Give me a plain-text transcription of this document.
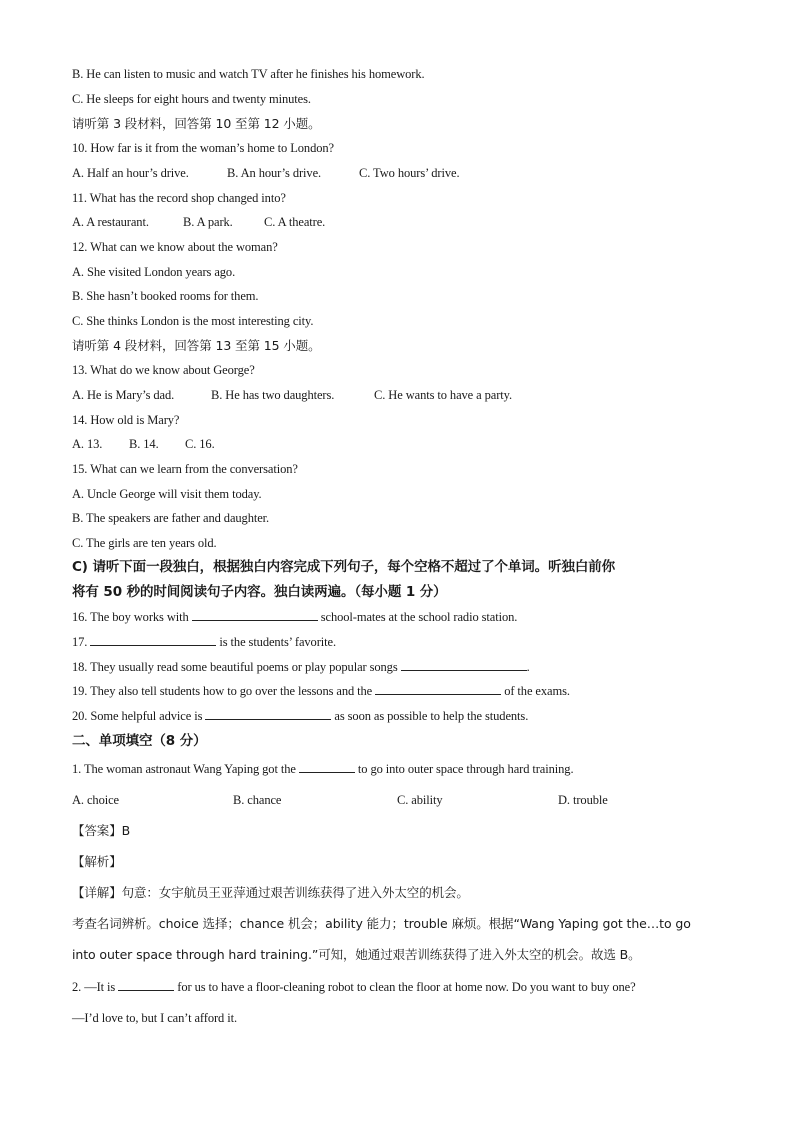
B. He can listen to music and watch TV after he finishes his homework.
C. He sleeps for eight hours and twenty minutes.
请听第 3 段材料，回答第 10 至第 12 小题。
10. How far is it from the woman’s home to London?
A. Half an hour’s drive.	B. An hour’s drive.	C. Two hours’ drive.
11. What has the record shop changed into?
A. A restaurant.	B. A park.	C. A theatre.
12. What can we know about the woman?
A. She visited London years ago.
B. She hasn’t booked rooms for them.
C. She thinks London is the most interesting city.
请听第 4 段材料，回答第 13 至第 15 小题。
13. What do we know about George?
A. He is Mary’s dad.	B. He has two daughters.	C. He wants to have a party.
14. How old is Mary?
A. 13. B. 14. C. 16.
15. What can we learn from the conversation?
A. Uncle George will visit them today.
B. The speakers are father and daughter.
C. The girls are ten years old.
C) 请听下面一段独白，根据独白内容完成下列句子，每个空格不超过了个单词。听独白前你
将有 50 秒的时间阅读句子内容。独白读两遍。（每小题 1 分）
16. The boy works with	school-mates at the school radio station.
17.	is the students’ favorite.
18. They usually read some beautiful poems or play popular songs	.
19. They also tell students how to go over the lessons and the	of the exams.
20. Some helpful advice is	as soon as possible to help the students.
二、单项填空（8 分）
1. The woman astronaut Wang Yaping got the	to go into outer space through hard training.
A. choice	B. chance	C. ability	D. trouble
【答案】B
【解析】
【详解】句意：女宇航员王亚萍通过艰苦训练获得了进入外太空的机会。
考查名词辨析。choice 选择；chance 机会；ability 能力；trouble 麻烦。根据“Wang Yaping got the…to go
into outer space through hard training.”可知，她通过艰苦训练获得了进入外太空的机会。故选 B。
2. —It is	for us to have a floor-cleaning robot to clean the floor at home now. Do you want to buy one?
—I’d love to, but I can’t afford it.
